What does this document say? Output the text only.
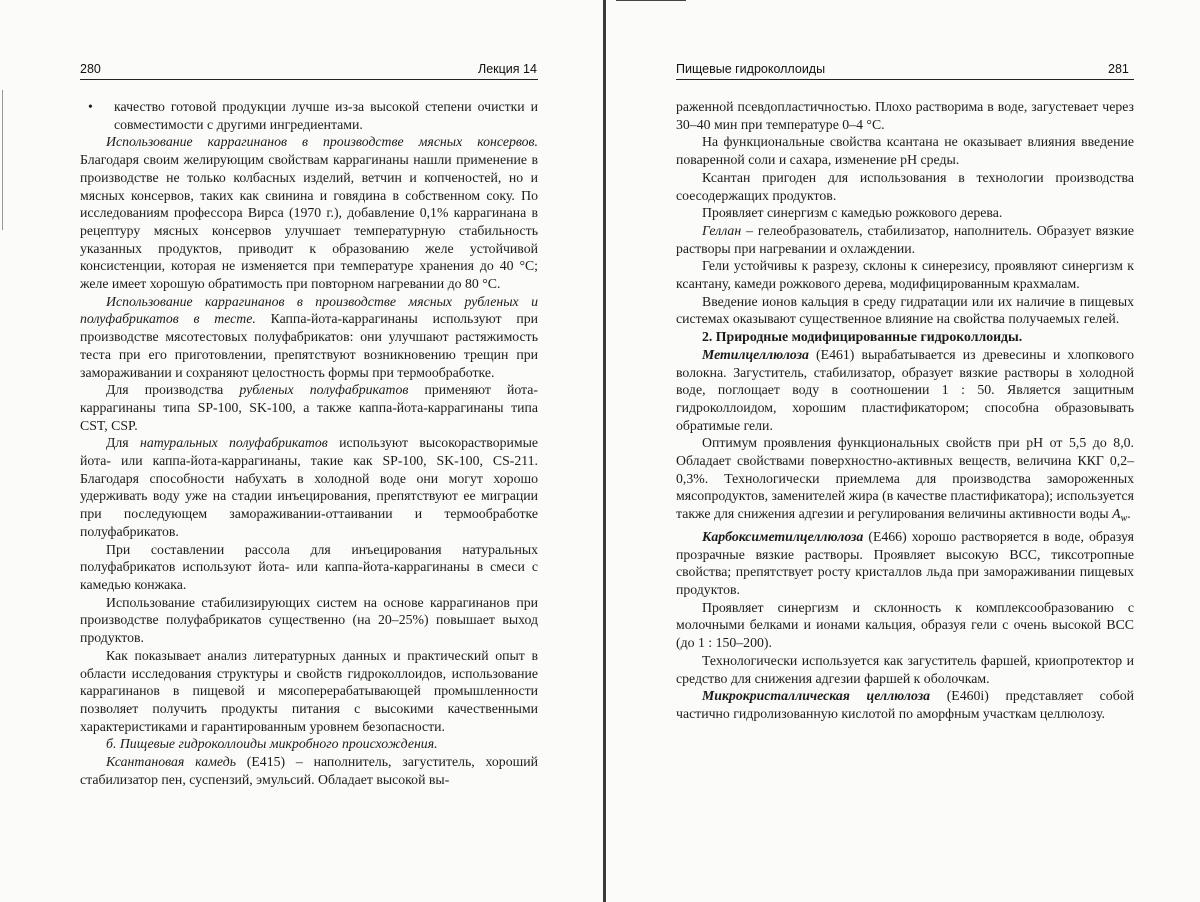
280	Лекция 14
•	качество готовой продукции лучше из-за высокой степени очистки и совместимости с другими ингредиентами.

Использование каррагинанов в производстве мясных консервов. Благодаря своим желирующим свойствам каррагинаны нашли применение в производстве не только колбасных изделий, ветчин и копченостей, но и мясных консервов, таких как свинина и говядина в собственном соку. По исследованиям профессора Вирса (1970 г.), добавление 0,1% каррагинана в рецептуру мясных консервов улучшает температурную стабильность указанных продуктов, приводит к образованию желе устойчивой консистенции, которая не изменяется при температуре хранения до 40 °С; желе имеет хорошую обратимость при повторном нагревании до 80 °С.

Использование каррагинанов в производстве мясных рубленых и полуфабрикатов в тесте. Каппа-йота-каррагинаны используют при производстве мясотестовых полуфабрикатов: они улучшают растяжимость теста при его приготовлении, препятствуют возникновению трещин при замораживании и сохраняют целостность формы при термообработке.

Для производства рубленых полуфабрикатов применяют йота-каррагинаны типа SP-100, SK-100, а также каппа-йота-каррагинаны типа CST, CSP.

Для натуральных полуфабрикатов используют высокорастворимые йота- или каппа-йота-каррагинаны, такие как SP-100, SK-100, CS-211. Благодаря способности набухать в холодной воде они могут хорошо удерживать воду уже на стадии инъецирования, препятствуют ее миграции при последующем замораживании-оттаивании и термообработке полуфабрикатов.

При составлении рассола для инъецирования натуральных полуфабрикатов используют йота- или каппа-йота-каррагинаны в смеси с камедью конжака.

Использование стабилизирующих систем на основе каррагинанов при производстве полуфабрикатов существенно (на 20–25%) повышает выход продуктов.

Как показывает анализ литературных данных и практический опыт в области исследования структуры и свойств гидроколлоидов, использование каррагинанов в пищевой и мясоперерабатывающей промышленности позволяет получить продукты питания с высокими качественными характеристиками и гарантированным уровнем безопасности.

б. Пищевые гидроколлоиды микробного происхождения.

Ксантановая камедь (Е415) – наполнитель, загуститель, хороший стабилизатор пен, суспензий, эмульсий. Обладает высокой вы-

Пищевые гидроколлоиды	281

раженной псевдопластичностью. Плохо растворима в воде, загустевает через 30–40 мин при температуре 0–4 °С.

На функциональные свойства ксантана не оказывает влияния введение поваренной соли и сахара, изменение рН среды.

Ксантан пригоден для использования в технологии производства соесодержащих продуктов.

Проявляет синергизм с камедью рожкового дерева.

Геллан – гелеобразователь, стабилизатор, наполнитель. Образует вязкие растворы при нагревании и охлаждении.

Гели устойчивы к разрезу, склоны к синерезису, проявляют синергизм к ксантану, камеди рожкового дерева, модифицированным крахмалам.

Введение ионов кальция в среду гидратации или их наличие в пищевых системах оказывают существенное влияние на свойства получаемых гелей.

2. Природные модифицированные гидроколлоиды.

Метилцеллюлоза (Е461) вырабатывается из древесины и хлопкового волокна. Загуститель, стабилизатор, образует вязкие растворы в холодной воде, поглощает воду в соотношении 1 : 50. Является защитным гидроколлоидом, хорошим пластификатором; способна образовывать обратимые гели.

Оптимум проявления функциональных свойств при рН от 5,5 до 8,0. Обладает свойствами поверхностно-активных веществ, величина ККГ 0,2–0,3%. Технологически приемлема для производства замороженных мясопродуктов, заменителей жира (в качестве пластификатора); используется также для снижения адгезии и регулирования величины активности воды $A_w$.

Карбоксиметилцеллюлоза (Е466) хорошо растворяется в воде, образуя прозрачные вязкие растворы. Проявляет высокую ВСС, тиксотропные свойства; препятствует росту кристаллов льда при замораживании пищевых продуктов.

Проявляет синергизм и склонность к комплексообразованию с молочными белками и ионами кальция, образуя гели с очень высокой ВСС (до 1 : 150–200).

Технологически используется как загуститель фаршей, криопротектор и средство для снижения адгезии фаршей к оболочкам.

Микрокристаллическая целлюлоза (Е460i) представляет собой частично гидролизованную кислотой по аморфным участкам целлюлозу.
